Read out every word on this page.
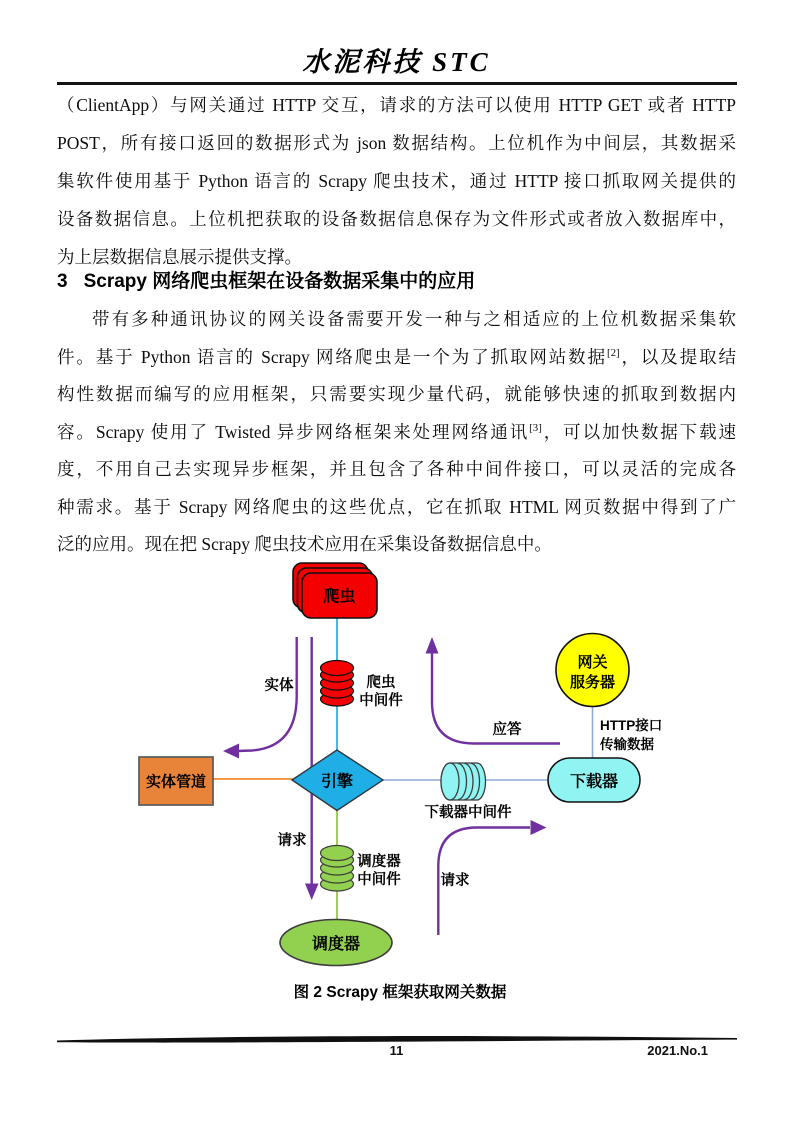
水泥科技 STC
（ClientApp）与网关通过 HTTP 交互，请求的方法可以使用 HTTP GET 或者 HTTP
POST，所有接口返回的数据形式为 json 数据结构。上位机作为中间层，其数据采
集软件使用基于 Python 语言的 Scrapy 爬虫技术，通过 HTTP 接口抓取网关提供的
设备数据信息。上位机把获取的设备数据信息保存为文件形式或者放入数据库中，
为上层数据信息展示提供支撑。
3 Scrapy 网络爬虫框架在设备数据采集中的应用
带有多种通讯协议的网关设备需要开发一种与之相适应的上位机数据采集软
件。基于 Python 语言的 Scrapy 网络爬虫是一个为了抓取网站数据[2]，以及提取结
构性数据而编写的应用框架，只需要实现少量代码，就能够快速的抓取到数据内
容。Scrapy 使用了 Twisted 异步网络框架来处理网络通讯[3]，可以加快数据下载速
度，不用自己去实现异步框架，并且包含了各种中间件接口，可以灵活的完成各
种需求。基于 Scrapy 网络爬虫的这些优点，它在抓取 HTML 网页数据中得到了广
泛的应用。现在把 Scrapy 爬虫技术应用在采集设备数据信息中。
爬虫
引擎
实体管道	下载器
网关
服务器
调度器
爬虫
中间件
调度器
中间件
下载器中间件
实体
请求
请求
应答	HTTP接口
传输数据
图 2 Scrapy 框架获取网关数据
11	2021.No.1
